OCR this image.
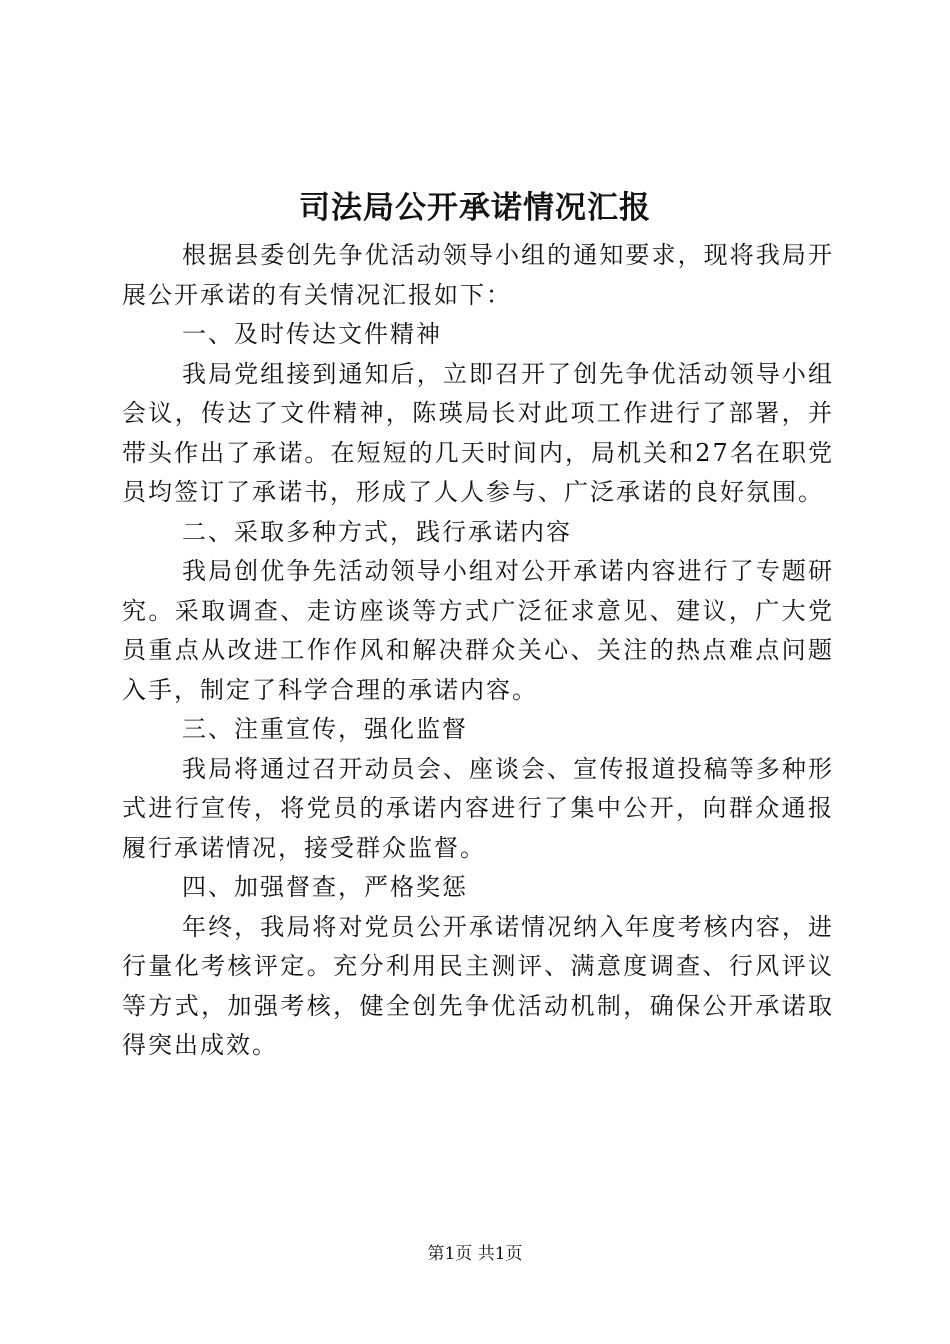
司法局公开承诺情况汇报

根据县委创先争优活动领导小组的通知要求，现将我局开展公开承诺的有关情况汇报如下：

一、及时传达文件精神

我局党组接到通知后，立即召开了创先争优活动领导小组会议，传达了文件精神，陈瑛局长对此项工作进行了部署，并带头作出了承诺。在短短的几天时间内，局机关和27名在职党员均签订了承诺书，形成了人人参与、广泛承诺的良好氛围。

二、采取多种方式，践行承诺内容

我局创优争先活动领导小组对公开承诺内容进行了专题研究。采取调查、走访座谈等方式广泛征求意见、建议，广大党员重点从改进工作作风和解决群众关心、关注的热点难点问题入手，制定了科学合理的承诺内容。

三、注重宣传，强化监督

我局将通过召开动员会、座谈会、宣传报道投稿等多种形式进行宣传，将党员的承诺内容进行了集中公开，向群众通报履行承诺情况，接受群众监督。

四、加强督查，严格奖惩

年终，我局将对党员公开承诺情况纳入年度考核内容，进行量化考核评定。充分利用民主测评、满意度调查、行风评议等方式，加强考核，健全创先争优活动机制，确保公开承诺取得突出成效。

第1页 共1页
